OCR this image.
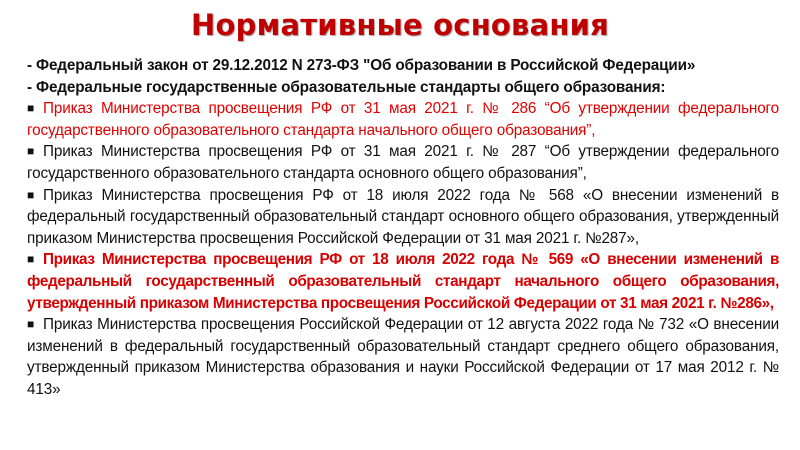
Нормативные основания
- Федеральный закон от 29.12.2012 N 273-ФЗ "Об образовании в Российской Федерации»
- Федеральные государственные образовательные стандарты общего образования:
■ Приказ Министерства просвещения РФ от 31 мая 2021 г. № 286 “Об утверждении федерального государственного образовательного стандарта начального общего образования”,
■ Приказ Министерства просвещения РФ от 31 мая 2021 г. № 287 “Об утверждении федерального государственного образовательного стандарта основного общего образования”,
■ Приказ Министерства просвещения РФ от 18 июля 2022 года № 568 «О внесении изменений в федеральный государственный образовательный стандарт основного общего образования, утвержденный приказом Министерства просвещения Российской Федерации от 31 мая 2021 г. №287»,
■ Приказ Министерства просвещения РФ от 18 июля 2022 года № 569 «О внесении изменений в федеральный государственный образовательный стандарт начального общего образования, утвержденный приказом Министерства просвещения Российской Федерации от 31 мая 2021 г. №286»,
■ Приказ Министерства просвещения Российской Федерации от 12 августа 2022 года № 732 «О внесении изменений в федеральный государственный образовательный стандарт среднего общего образования, утвержденный приказом Министерства образования и науки Российской Федерации от 17 мая 2012 г. № 413»
